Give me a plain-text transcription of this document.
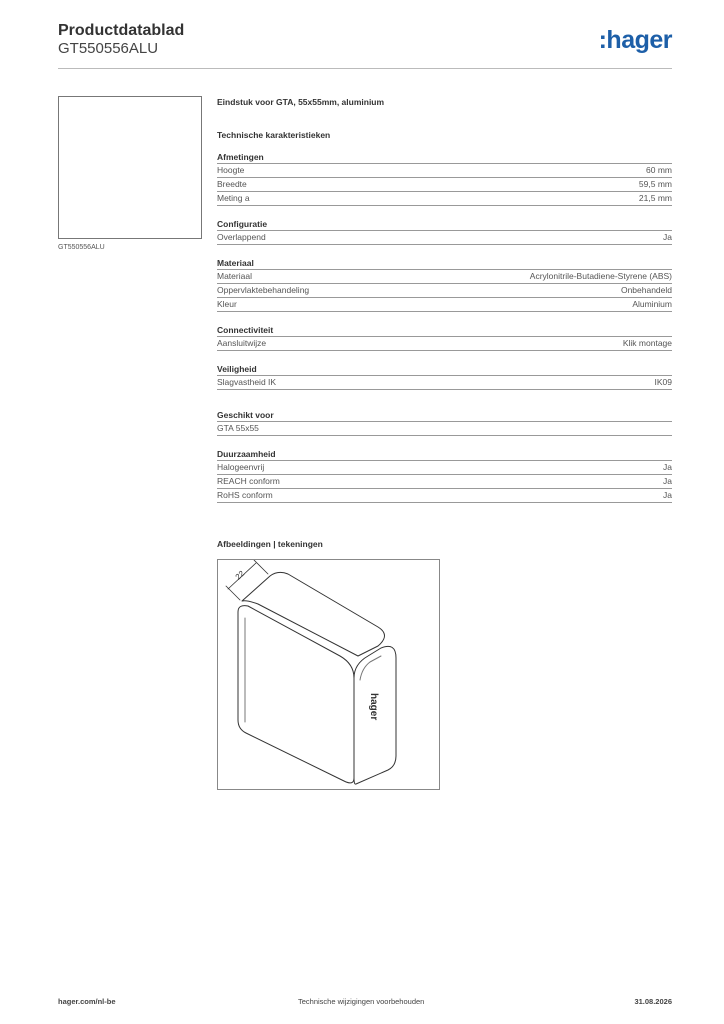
Productdatablad
GT550556ALU	:hager
GT550556ALU
Eindstuk voor GTA, 55x55mm, aluminium
Technische karakteristieken
Afmetingen
Hoogte	60 mm
Breedte	59,5 mm
Meting a	21,5 mm
Configuratie
Overlappend	Ja
Materiaal
Materiaal	Acrylonitrile-Butadiene-Styrene (ABS)
Oppervlaktebehandeling	Onbehandeld
Kleur	Aluminium
Connectiviteit
Aansluitwijze	Klik montage
Veiligheid
Slagvastheid IK	IK09
Geschikt voor
GTA 55x55
Duurzaamheid
Halogeenvrij	Ja
REACH conform	Ja
RoHS conform	Ja
Afbeeldingen | tekeningen
22
hager
hager.com/nl-be	Technische wijzigingen voorbehouden	31.08.2026
